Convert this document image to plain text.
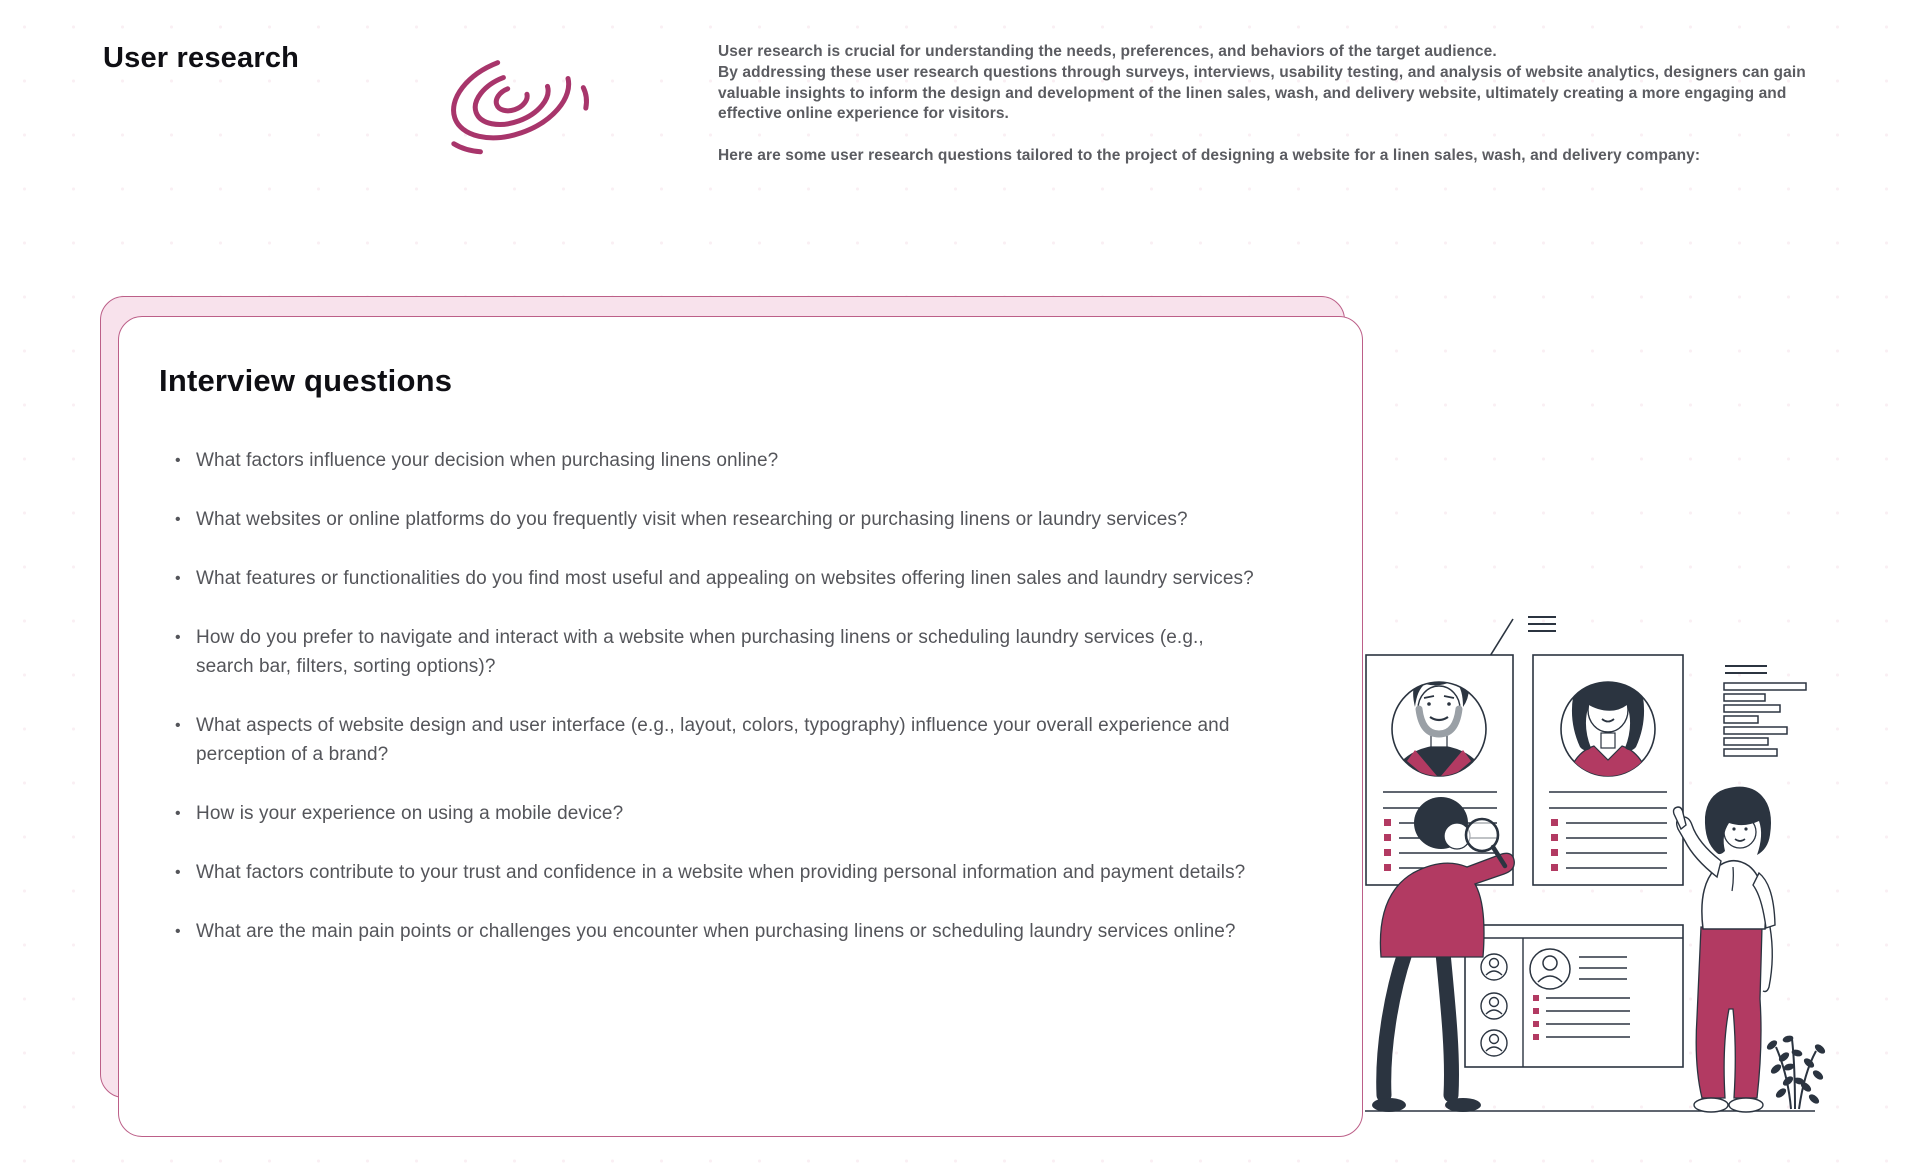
User research	User research is crucial for understanding the needs, preferences, and behaviors of the target audience.
By addressing these user research questions through surveys, interviews, usability testing, and analysis of website analytics, designers can gain valuable insights to inform the design and development of the linen sales, wash, and delivery website, ultimately creating a more engaging and effective online experience for visitors.

Here are some user research questions tailored to the project of designing a website for a linen sales, wash, and delivery company:

Interview questions
• What factors influence your decision when purchasing linens online?
• What websites or online platforms do you frequently visit when researching or purchasing linens or laundry services?
• What features or functionalities do you find most useful and appealing on websites offering linen sales and laundry services?
• How do you prefer to navigate and interact with a website when purchasing linens or scheduling laundry services (e.g., search bar, filters, sorting options)?
• What aspects of website design and user interface (e.g., layout, colors, typography) influence your overall experience and perception of a brand?
• How is your experience on using a mobile device?
• What factors contribute to your trust and confidence in a website when providing personal information and payment details?
• What are the main pain points or challenges you encounter when purchasing linens or scheduling laundry services online?
